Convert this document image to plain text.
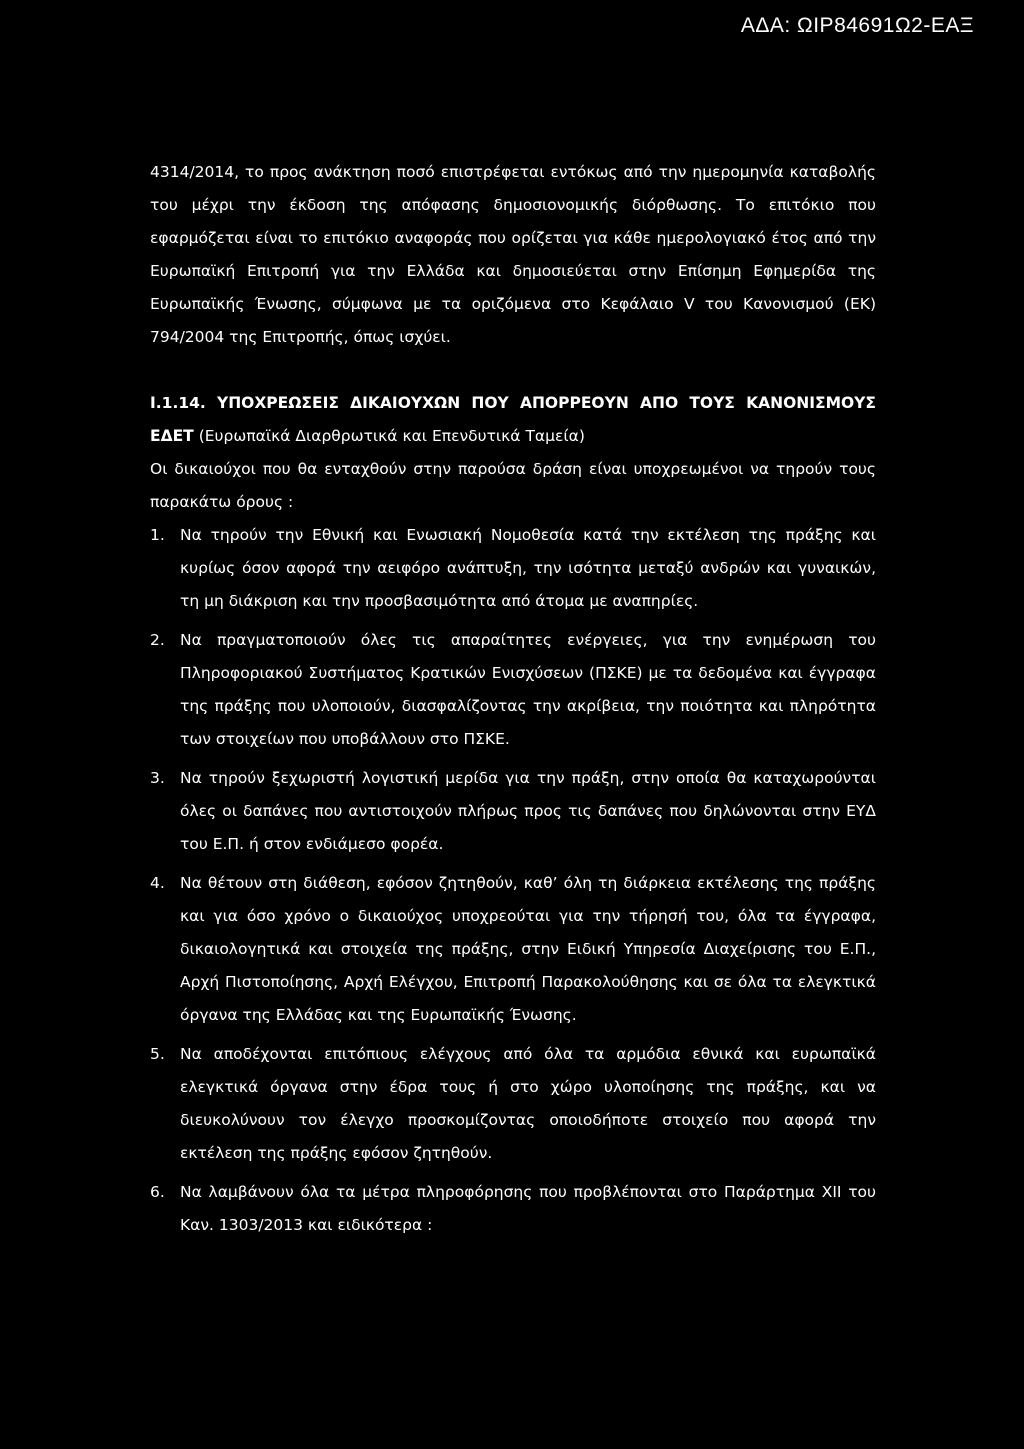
ΑΔΑ: ΩΙΡ84691Ω2-ΕΑΞ

4314/2014, το προς ανάκτηση ποσό επιστρέφεται εντόκως από την ημερομηνία καταβολής του μέχρι την έκδοση της απόφασης δημοσιονομικής διόρθωσης. Το επιτόκιο που εφαρμόζεται είναι το επιτόκιο αναφοράς που ορίζεται για κάθε ημερολογιακό έτος από την Ευρωπαϊκή Επιτροπή για την Ελλάδα και δημοσιεύεται στην Επίσημη Εφημερίδα της Ευρωπαϊκής Ένωσης, σύμφωνα με τα οριζόμενα στο Κεφάλαιο V του Κανονισμού (ΕΚ) 794/2004 της Επιτροπής, όπως ισχύει.

Ι.1.14. ΥΠΟΧΡΕΩΣΕΙΣ ΔΙΚΑΙΟΥΧΩΝ ΠΟΥ ΑΠΟΡΡΕΟΥΝ ΑΠΟ ΤΟΥΣ ΚΑΝΟΝΙΣΜΟΥΣ ΕΔΕΤ (Ευρωπαϊκά Διαρθρωτικά και Επενδυτικά Ταμεία)

Οι δικαιούχοι που θα ενταχθούν στην παρούσα δράση είναι υποχρεωμένοι να τηρούν τους παρακάτω όρους :

1. Να τηρούν την Εθνική και Ενωσιακή Νομοθεσία κατά την εκτέλεση της πράξης και κυρίως όσον αφορά την αειφόρο ανάπτυξη, την ισότητα μεταξύ ανδρών και γυναικών, τη μη διάκριση και την προσβασιμότητα από άτομα με αναπηρίες.
2. Να πραγματοποιούν όλες τις απαραίτητες ενέργειες, για την ενημέρωση του Πληροφοριακού Συστήματος Κρατικών Ενισχύσεων (ΠΣΚΕ) με τα δεδομένα και έγγραφα της πράξης που υλοποιούν, διασφαλίζοντας την ακρίβεια, την ποιότητα και πληρότητα των στοιχείων που υποβάλλουν στο ΠΣΚΕ.
3. Να τηρούν ξεχωριστή λογιστική μερίδα για την πράξη, στην οποία θα καταχωρούνται όλες οι δαπάνες που αντιστοιχούν πλήρως προς τις δαπάνες που δηλώνονται στην ΕΥΔ του Ε.Π. ή στον ενδιάμεσο φορέα.
4. Να θέτουν στη διάθεση, εφόσον ζητηθούν, καθ’ όλη τη διάρκεια εκτέλεσης της πράξης και για όσο χρόνο ο δικαιούχος υποχρεούται για την τήρησή του, όλα τα έγγραφα, δικαιολογητικά και στοιχεία της πράξης, στην Ειδική Υπηρεσία Διαχείρισης του Ε.Π., Αρχή Πιστοποίησης, Αρχή Ελέγχου, Επιτροπή Παρακολούθησης και σε όλα τα ελεγκτικά όργανα της Ελλάδας και της Ευρωπαϊκής Ένωσης.
5. Να αποδέχονται επιτόπιους ελέγχους από όλα τα αρμόδια εθνικά και ευρωπαϊκά ελεγκτικά όργανα στην έδρα τους ή στο χώρο υλοποίησης της πράξης, και να διευκολύνουν τον έλεγχο προσκομίζοντας οποιοδήποτε στοιχείο που αφορά την εκτέλεση της πράξης εφόσον ζητηθούν.
6. Να λαμβάνουν όλα τα μέτρα πληροφόρησης που προβλέπονται στο Παράρτημα XII του Καν. 1303/2013 και ειδικότερα :
